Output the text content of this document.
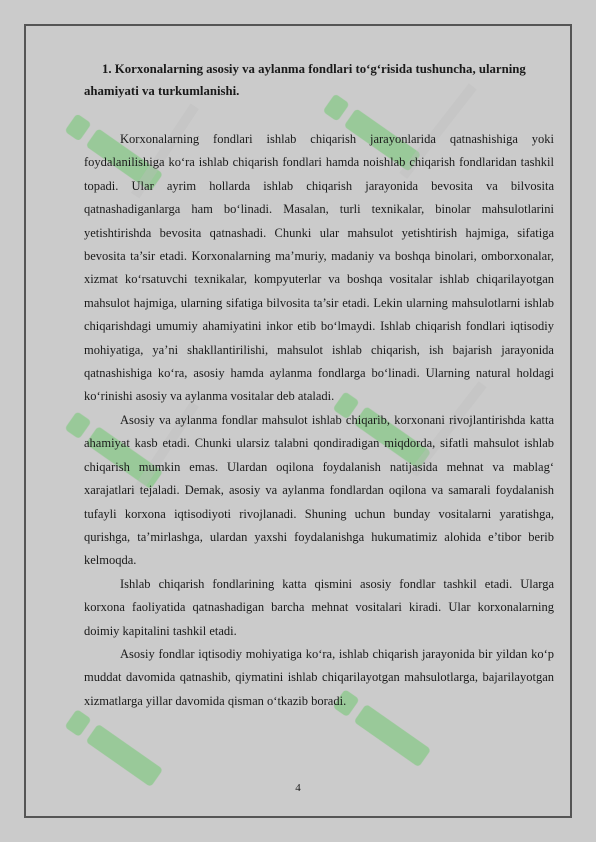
1. Korxonalarning asosiy va aylanma fondlari to‘g‘risida tushuncha, ularning ahamiyati va turkumlanishi.

Korxonalarning fondlari ishlab chiqarish jarayonlarida qatnashishiga yoki foydalanilishiga ko‘ra ishlab chiqarish fondlari hamda noishlab chiqarish fondlaridan tashkil topadi. Ular ayrim hollarda ishlab chiqarish jarayonida bevosita va bilvosita qatnashadiganlarga ham bo‘linadi. Masalan, turli texnikalar, binolar mahsulotlarini yetishtirishda bevosita qatnashadi. Chunki ular mahsulot yetishtirish hajmiga, sifatiga bevosita ta’sir etadi. Korxonalarning ma’muriy, madaniy va boshqa binolari, omborxonalar, xizmat ko‘rsatuvchi texnikalar, kompyuterlar va boshqa vositalar ishlab chiqarilayotgan mahsulot hajmiga, ularning sifatiga bilvosita ta’sir etadi. Lekin ularning mahsulotlarni ishlab chiqarishdagi umumiy ahamiyatini inkor etib bo‘lmaydi. Ishlab chiqarish fondlari iqtisodiy mohiyatiga, ya’ni shakllantirilishi, mahsulot ishlab chiqarish, ish bajarish jarayonida qatnashishiga ko‘ra, asosiy hamda aylanma fondlarga bo‘linadi. Ularning natural holdagi ko‘rinishi asosiy va aylanma vositalar deb ataladi.

Asosiy va aylanma fondlar mahsulot ishlab chiqarib, korxonani rivojlantirishda katta ahamiyat kasb etadi. Chunki ularsiz talabni qondiradigan miqdorda, sifatli mahsulot ishlab chiqarish mumkin emas. Ulardan oqilona foydalanish natijasida mehnat va mablag‘ xarajatlari tejaladi. Demak, asosiy va aylanma fondlardan oqilona va samarali foydalanish tufayli korxona iqtisodiyoti rivojlanadi. Shuning uchun bunday vositalarni yaratishga, qurishga, ta’mirlashga, ulardan yaxshi foydalanishga hukumatimiz alohida e’tibor berib kelmoqda.

Ishlab chiqarish fondlarining katta qismini asosiy fondlar tashkil etadi. Ularga korxona faoliyatida qatnashadigan barcha mehnat vositalari kiradi. Ular korxonalarning doimiy kapitalini tashkil etadi.

Asosiy fondlar iqtisodiy mohiyatiga ko‘ra, ishlab chiqarish jarayonida bir yildan ko‘p muddat davomida qatnashib, qiymatini ishlab chiqarilayotgan mahsulotlarga, bajarilayotgan xizmatlarga yillar davomida qisman o‘tkazib boradi.

4
